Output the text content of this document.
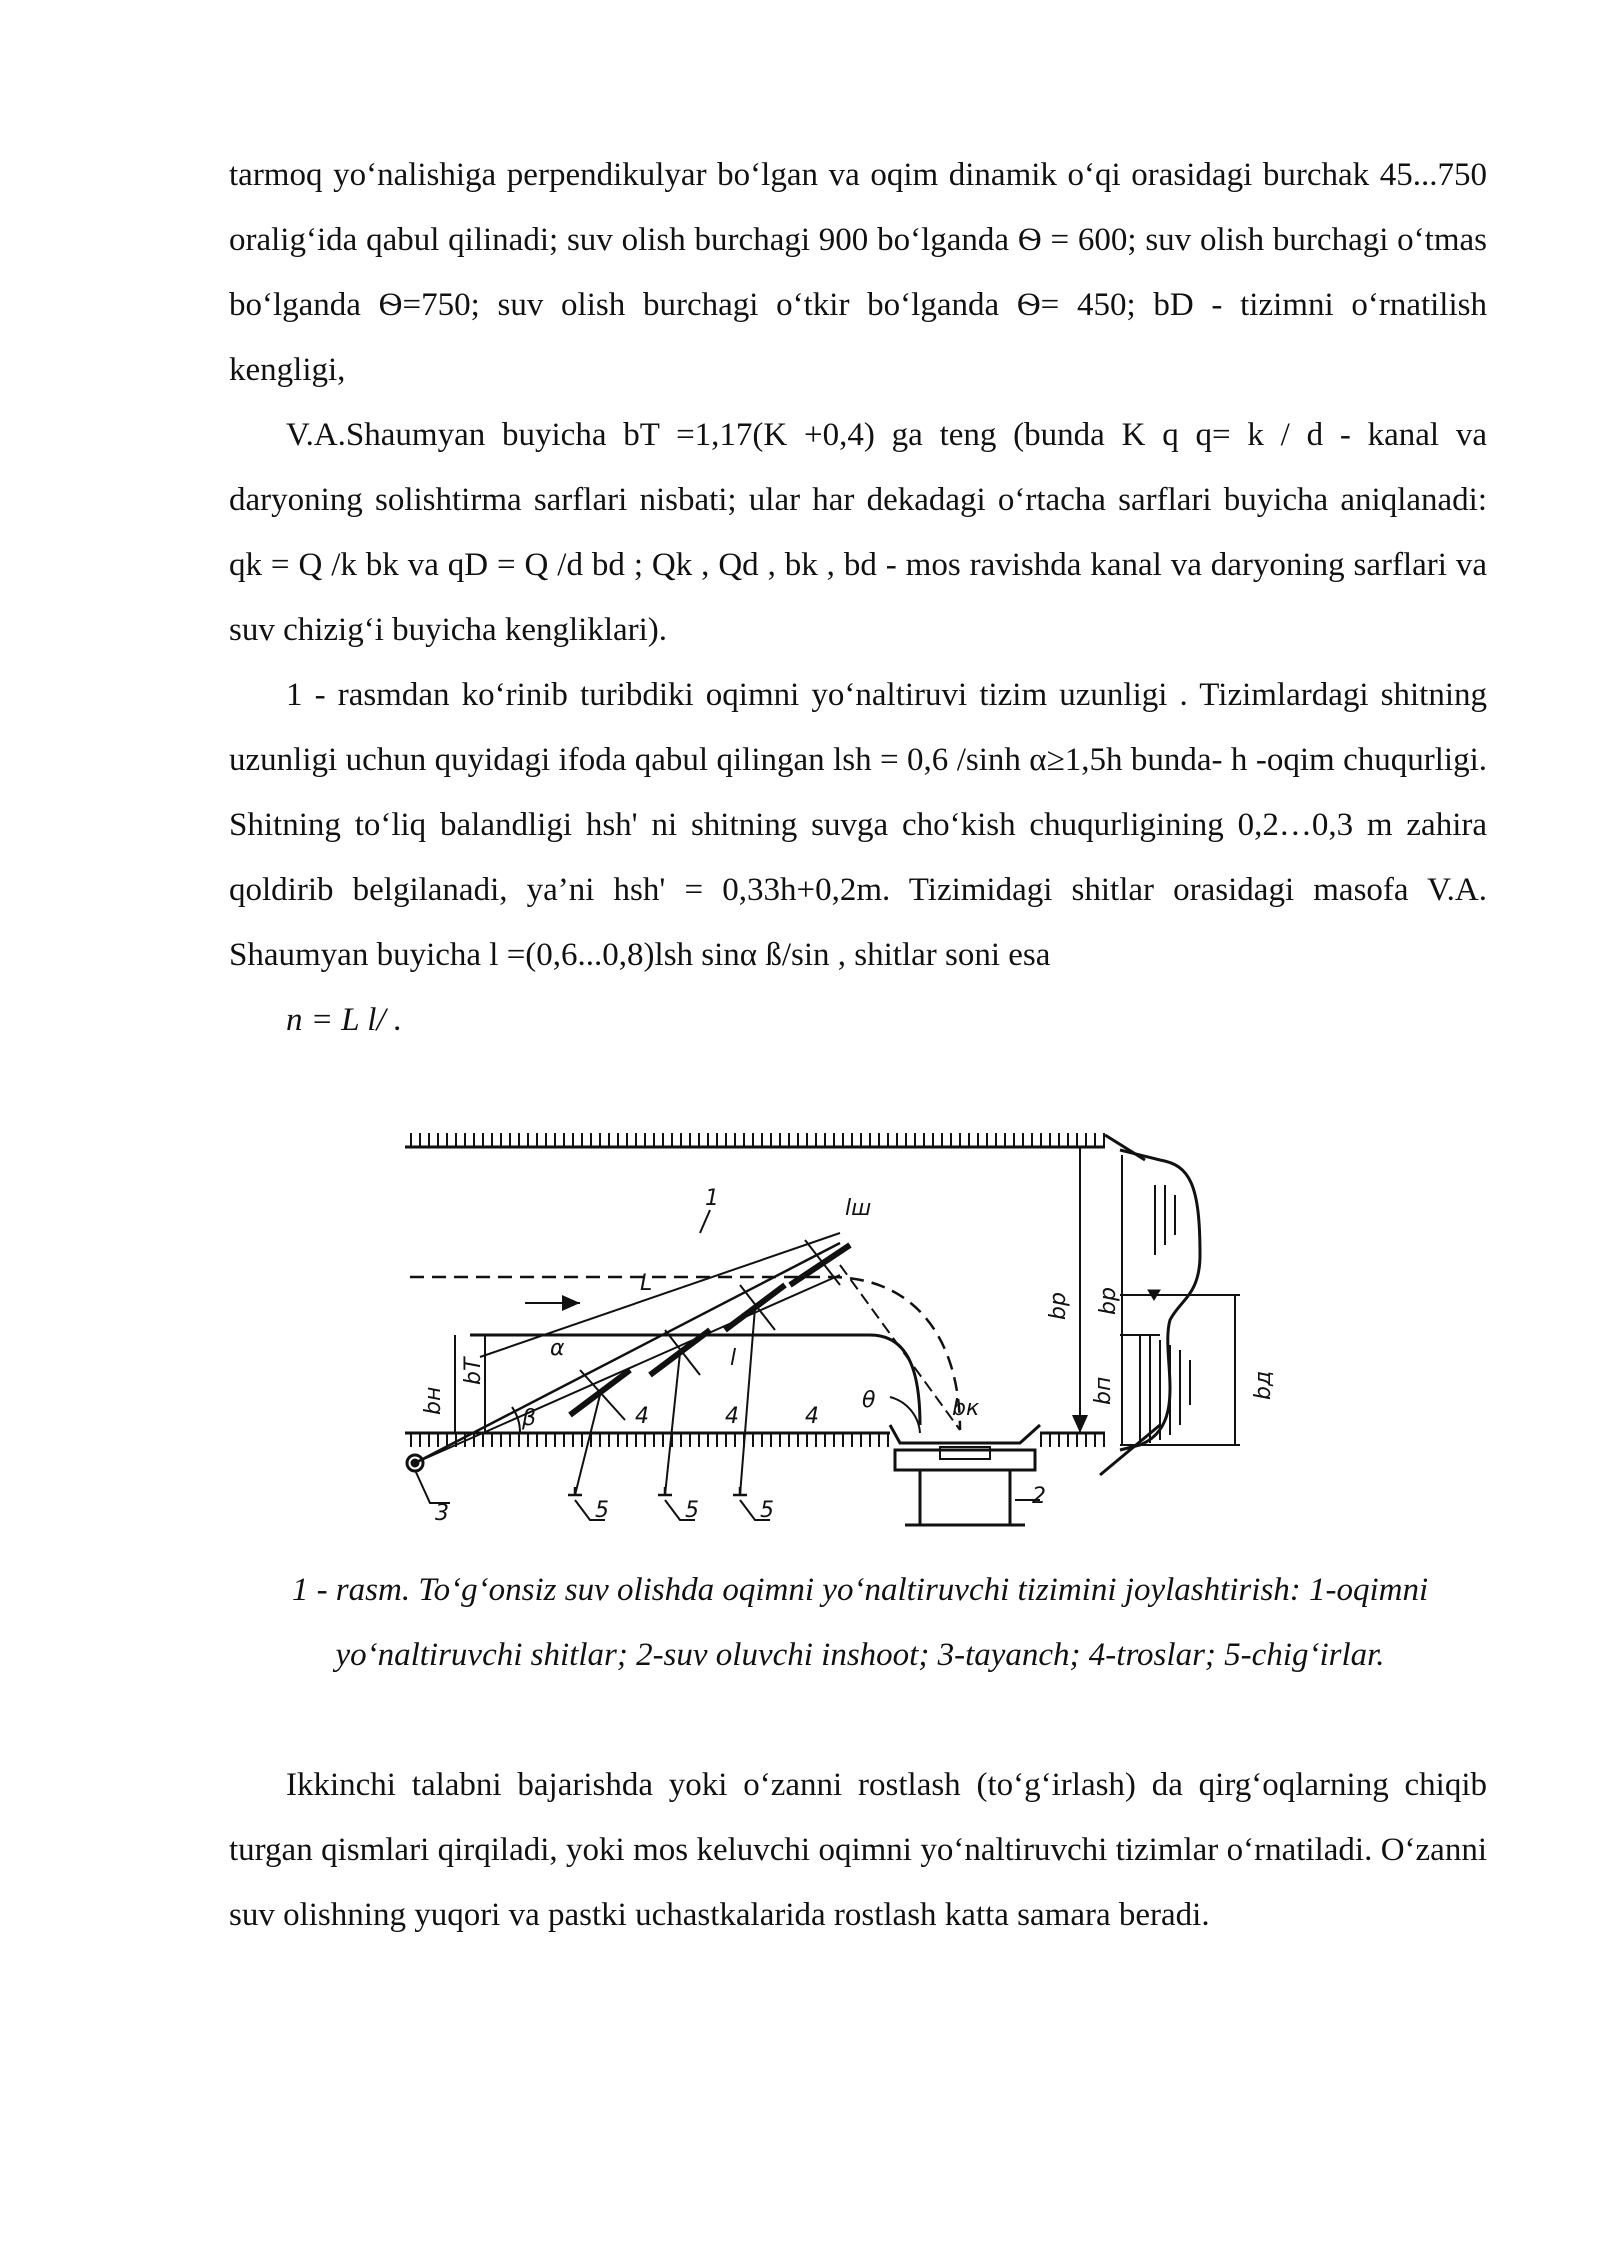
tarmoq yo‘nalishiga perpendikulyar bo‘lgan va oqim dinamik o‘qi orasidagi burchak 45...750 oralig‘ida qabul qilinadi; suv olish burchagi 900 bo‘lganda Ѳ = 600; suv olish burchagi o‘tmas bo‘lganda Ѳ=750; suv olish burchagi o‘tkir bo‘lganda Ѳ= 450; bD - tizimni o‘rnatilish kengligi,

V.A.Shaumyan buyicha bT =1,17(K +0,4) ga teng (bunda K q q= k / d - kanal va daryoning solishtirma sarflari nisbati; ular har dekadagi o‘rtacha sarflari buyicha aniqlanadi: qk = Q /k bk va qD = Q /d bd ; Qk , Qd , bk , bd - mos ravishda kanal va daryoning sarflari va suv chizig‘i buyicha kengliklari).

1 - rasmdan ko‘rinib turibdiki oqimni yo‘naltiruvi tizim uzunligi . Tizimlardagi shitning uzunligi uchun quyidagi ifoda qabul qilingan lsh = 0,6 /sinh α≥1,5h bunda- h -oqim chuqurligi. Shitning to‘liq balandligi hsh' ni shitning suvga cho‘kish chuqurligining 0,2…0,3 m zahira qoldirib belgilanadi, ya’ni hsh' = 0,33h+0,2m. Tizimidagi shitlar orasidagi masofa V.A. Shaumyan buyicha l =(0,6...0,8)lsh sinα ß/sin , shitlar soni esa

n = L l/ .

1
2
3
4	4	4
5	5	5
L
l
lш
α
β
θ	bк
bТ
bн
bр bр
bп	bд

1 - rasm. To‘g‘onsiz suv olishda oqimni yo‘naltiruvchi tizimini joylashtirish: 1-oqimni yo‘naltiruvchi shitlar; 2-suv oluvchi inshoot; 3-tayanch; 4-troslar; 5-chig‘irlar.

Ikkinchi talabni bajarishda yoki o‘zanni rostlash (to‘g‘irlash) da qirg‘oqlarning chiqib turgan qismlari qirqiladi, yoki mos keluvchi oqimni yo‘naltiruvchi tizimlar o‘rnatiladi. O‘zanni suv olishning yuqori va pastki uchastkalarida rostlash katta samara beradi.
